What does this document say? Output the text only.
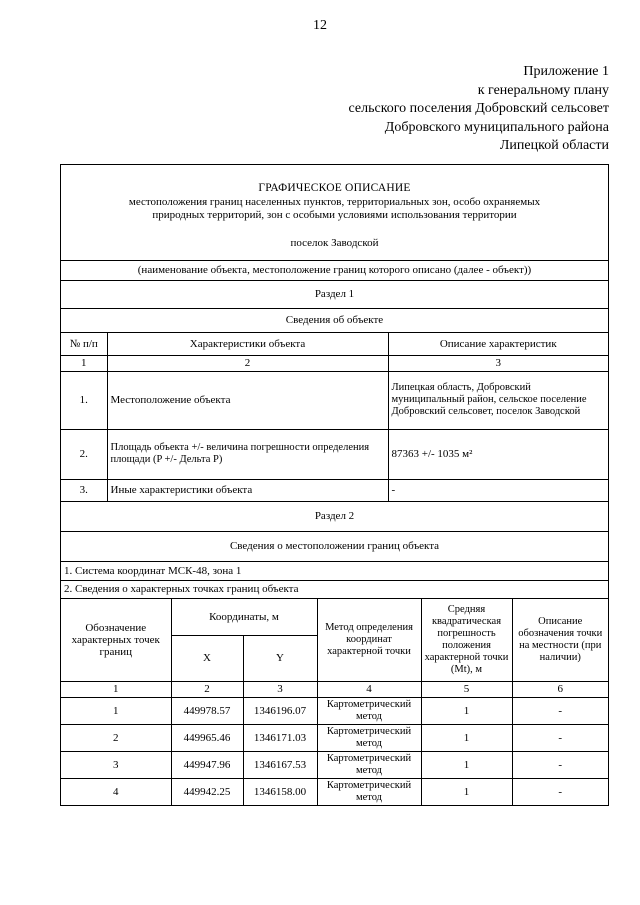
12
Приложение 1
к генеральному плану
сельского поселения Добровский сельсовет
Добровского муниципального района
Липецкой области
ГРАФИЧЕСКОЕ ОПИСАНИЕ
местоположения границ населенных пунктов, территориальных зон, особо охраняемых
природных территорий, зон с особыми условиями использования территории
поселок Заводской
(наименование объекта, местоположение границ которого описано (далее - объект))
Раздел 1
Сведения об объекте
№ п/п	Характеристики объекта	Описание характеристик
1	2	3
1.	Местоположение объекта	Липецкая область, Добровский муниципальный район, сельское поселение Добровский сельсовет, поселок Заводской
2.	Площадь объекта +/- величина погрешности определения площади (P +/- Дельта P)	87363 +/- 1035 м²
3.	Иные характеристики объекта	-
Раздел 2
Сведения о местоположении границ объекта
1. Система координат МСК-48, зона 1
2. Сведения о характерных точках границ объекта
Обозначение характерных точек границ	Координаты, м		Метод определения координат характерной точки	Средняя квадратическая погрешность положения характерной точки (Mt), м	Описание обозначения точки на местности (при наличии)
	X	Y			
1	2	3	4	5	6
1	449978.57	1346196.07	Картометрический метод	1	-
2	449965.46	1346171.03	Картометрический метод	1	-
3	449947.96	1346167.53	Картометрический метод	1	-
4	449942.25	1346158.00	Картометрический метод	1	-
